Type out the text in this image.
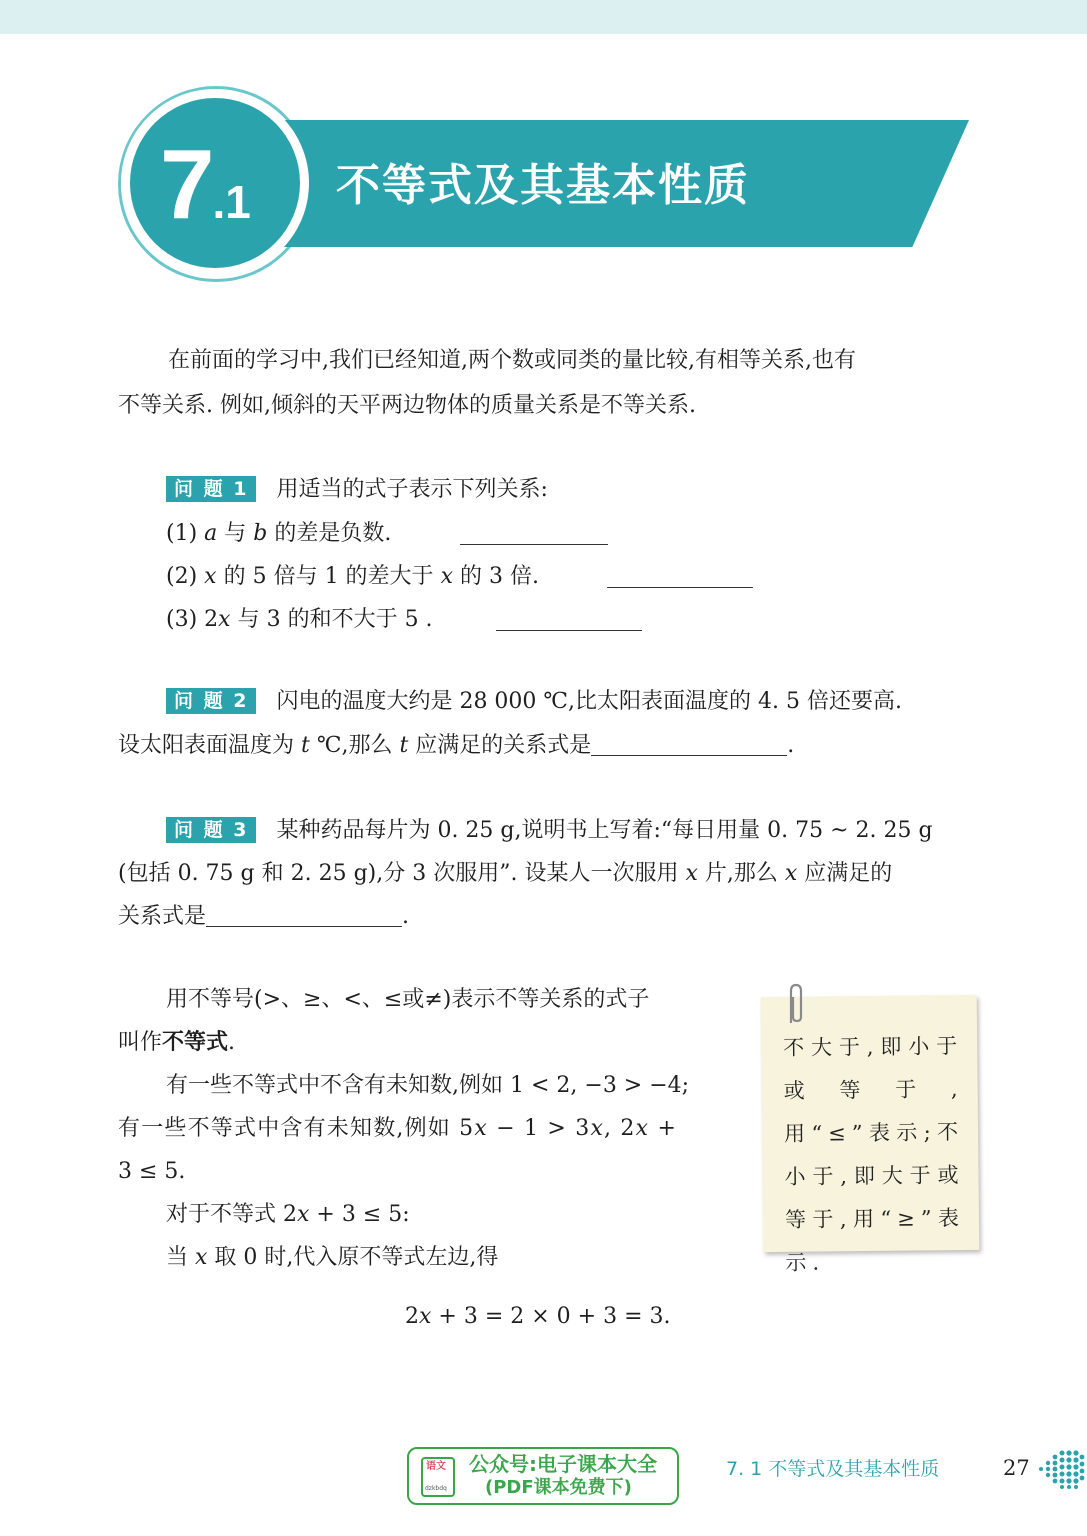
7.1 不等式及其基本性质

在前面的学习中,我们已经知道,两个数或同类的量比较,有相等关系,也有

不等关系. 例如,倾斜的天平两边物体的质量关系是不等关系.

问 题 1 用适当的式子表示下列关系:

(1) a 与 b 的差是负数.

(2) x 的 5 倍与 1 的差大于 x 的 3 倍.

(3) 2x 与 3 的和不大于 5 .

问 题 2 闪电的温度大约是 28 000 ℃,比太阳表面温度的 4. 5 倍还要高.

设太阳表面温度为 t ℃,那么 t 应满足的关系式是	.

问 题 3 某种药品每片为 0. 25 g,说明书上写着:“每日用量 0. 75 ~ 2. 25 g

(包括 0. 75 g 和 2. 25 g),分 3 次服用”. 设某人一次服用 x 片,那么 x 应满足的

关系式是	.

用不等号(>、≥、<、≤或≠)表示不等关系的式子

叫作不等式.

有一些不等式中不含有未知数,例如 1 < 2, −3 > −4;

有一些不等式中含有未知数,例如 5x − 1 > 3x, 2x +

3 ≤ 5.

对于不等式 2x + 3 ≤ 5:

当 x 取 0 时,代入原不等式左边,得

2x + 3 = 2 × 0 + 3 = 3.

不大于,即小于或等于,用“≤”表示;不小于,即大于或等于,用“≥”表示.
语文
dzkbdq
公众号:电子课本大全
(PDF课本免费下)
7. 1 不等式及其基本性质	27
